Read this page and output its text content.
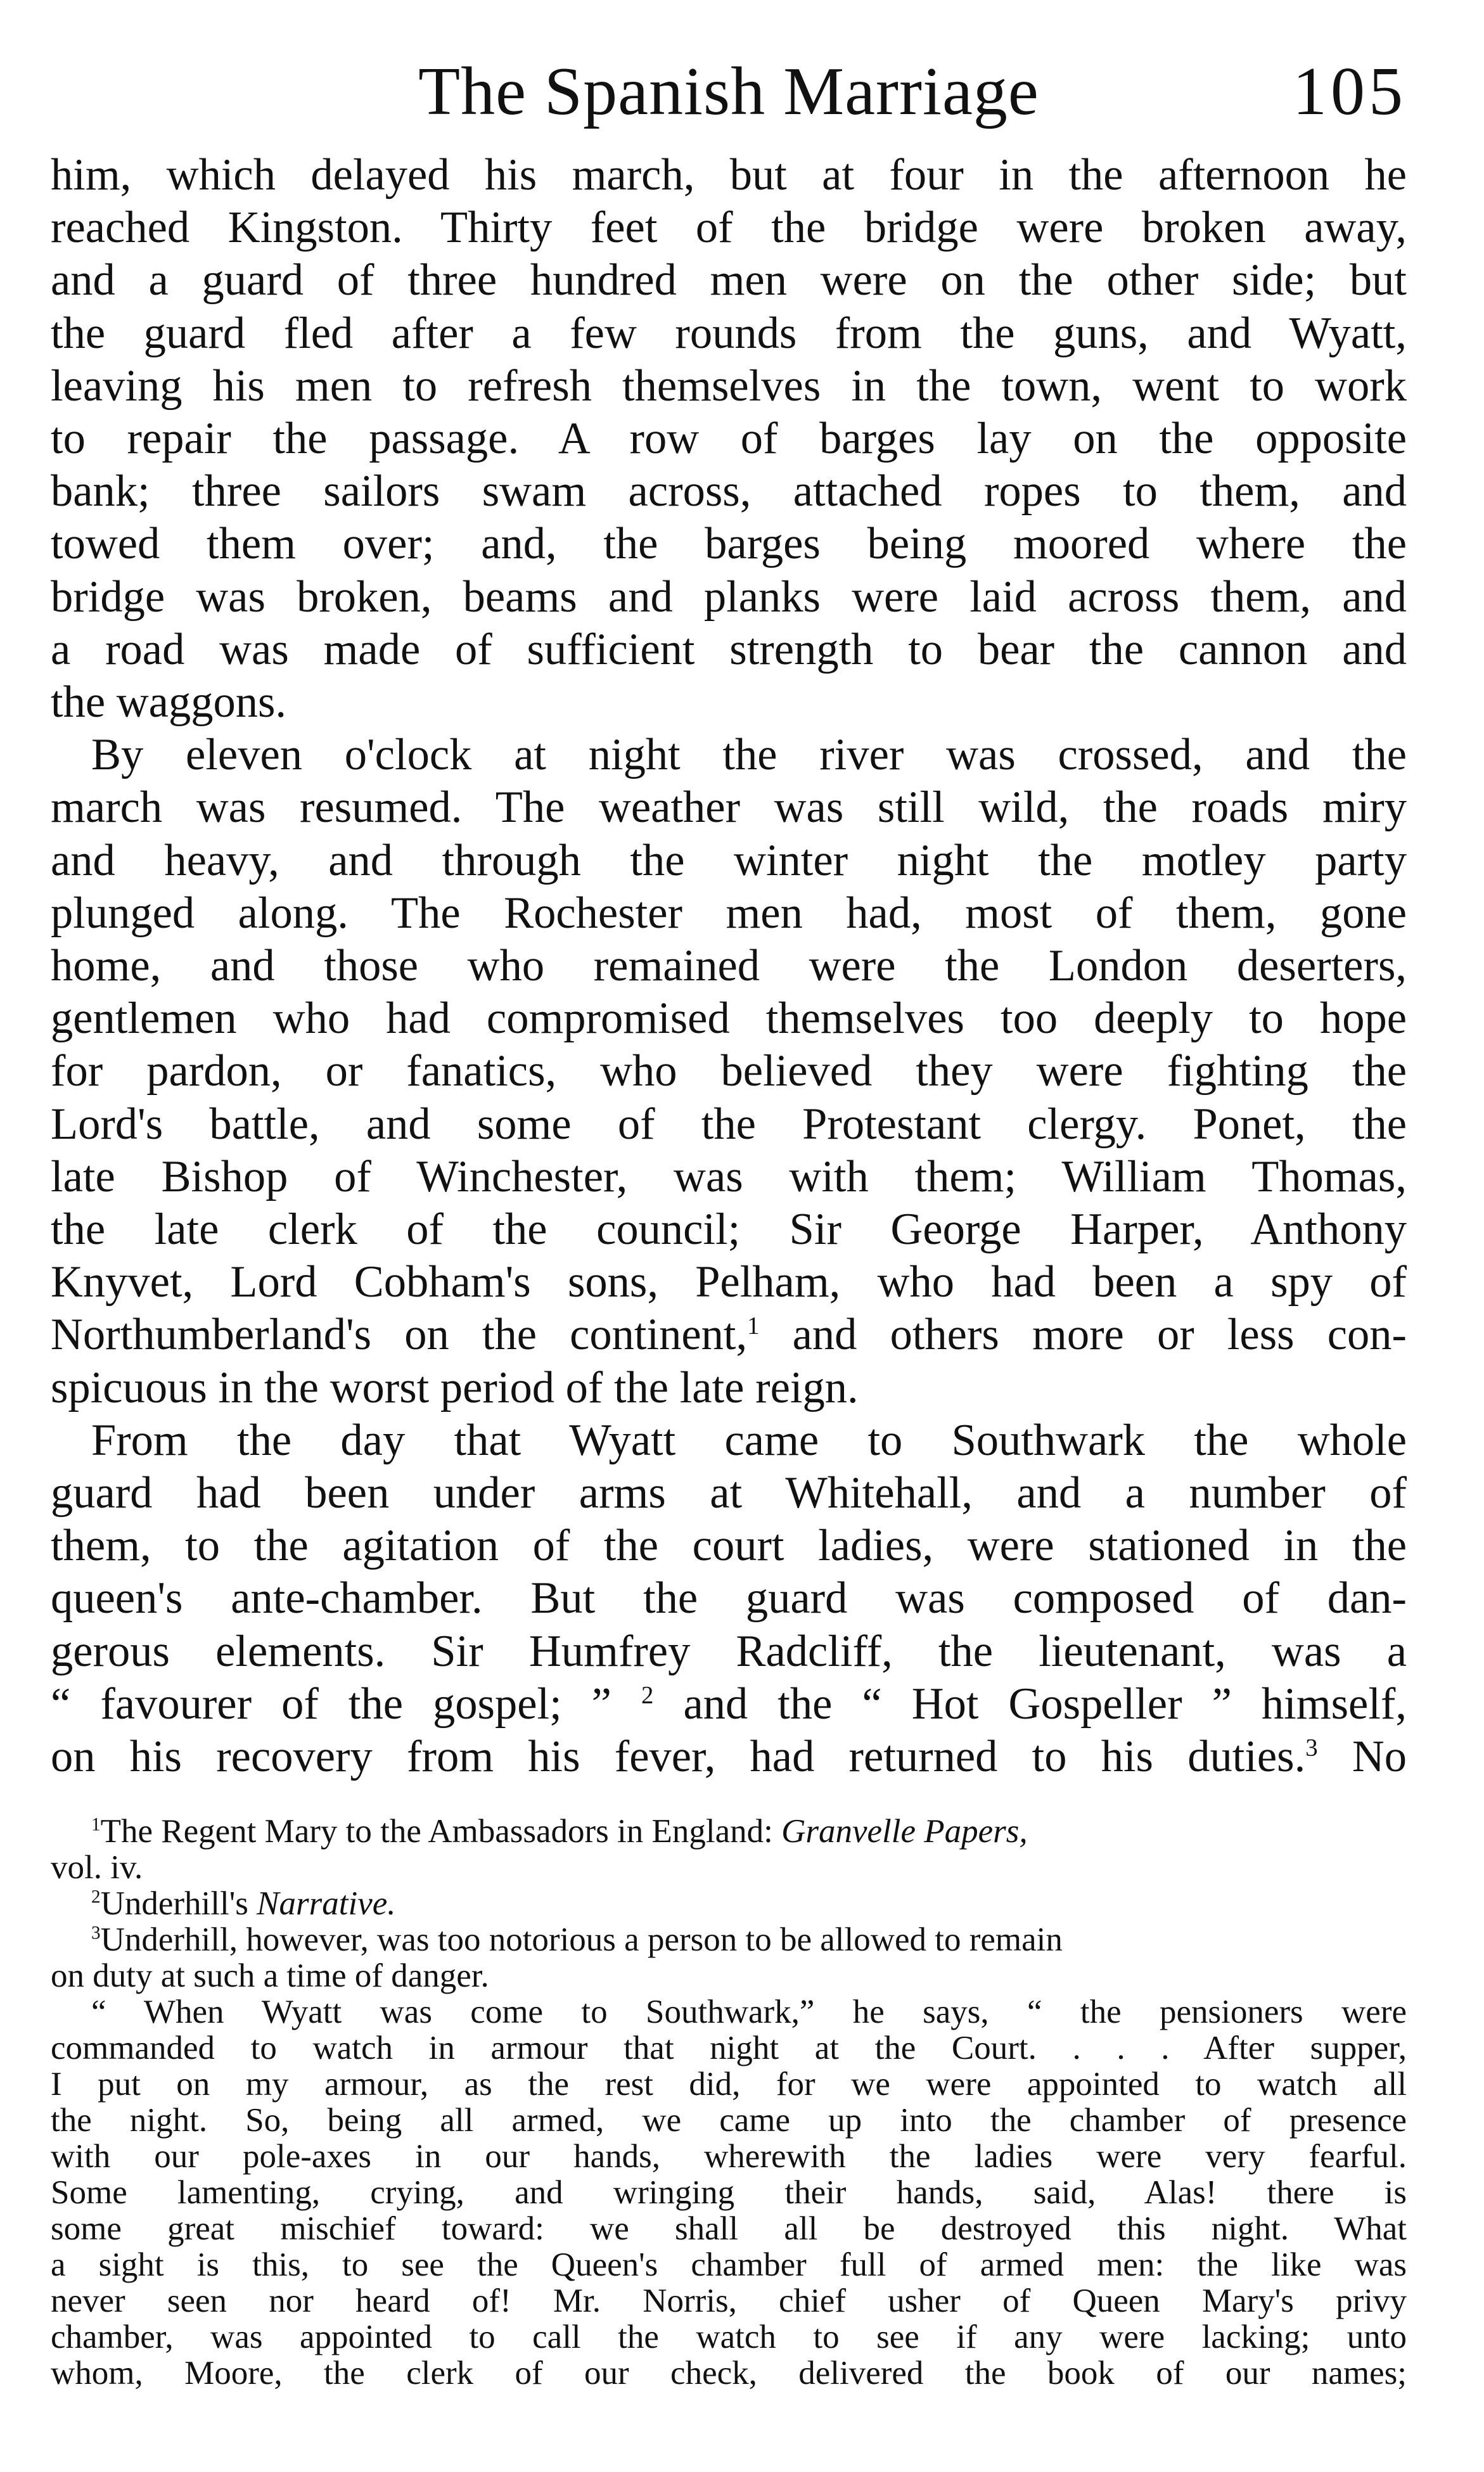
The Spanish Marriage	105

him, which delayed his march, but at four in the afternoon he
reached Kingston. Thirty feet of the bridge were broken away,
and a guard of three hundred men were on the other side; but
the guard fled after a few rounds from the guns, and Wyatt,
leaving his men to refresh themselves in the town, went to work
to repair the passage. A row of barges lay on the opposite
bank; three sailors swam across, attached ropes to them, and
towed them over; and, the barges being moored where the
bridge was broken, beams and planks were laid across them, and
a road was made of sufficient strength to bear the cannon and
the waggons.

By eleven o'clock at night the river was crossed, and the
march was resumed. The weather was still wild, the roads miry
and heavy, and through the winter night the motley party
plunged along. The Rochester men had, most of them, gone
home, and those who remained were the London deserters,
gentlemen who had compromised themselves too deeply to hope
for pardon, or fanatics, who believed they were fighting the
Lord's battle, and some of the Protestant clergy. Ponet, the
late Bishop of Winchester, was with them; William Thomas,
the late clerk of the council; Sir George Harper, Anthony
Knyvet, Lord Cobham's sons, Pelham, who had been a spy of
Northumberland's on the continent,$^1$ and others more or less con-
spicuous in the worst period of the late reign.

From the day that Wyatt came to Southwark the whole
guard had been under arms at Whitehall, and a number of
them, to the agitation of the court ladies, were stationed in the
queen's ante-chamber. But the guard was composed of dan-
gerous elements. Sir Humfrey Radcliff, the lieutenant, was a
“ favourer of the gospel; ” $^2$ and the “ Hot Gospeller ” himself,
on his recovery from his fever, had returned to his duties.$^3$ No

$^1$The Regent Mary to the Ambassadors in England: Granvelle Papers,

vol. iv.

$^2$Underhill's Narrative.

$^3$Underhill, however, was too notorious a person to be allowed to remain

on duty at such a time of danger.

“ When Wyatt was come to Southwark,” he says, “ the pensioners were
commanded to watch in armour that night at the Court. . . . After supper,
I put on my armour, as the rest did, for we were appointed to watch all
the night. So, being all armed, we came up into the chamber of presence
with our pole-axes in our hands, wherewith the ladies were very fearful.
Some lamenting, crying, and wringing their hands, said, Alas! there is
some great mischief toward: we shall all be destroyed this night. What
a sight is this, to see the Queen's chamber full of armed men: the like was
never seen nor heard of! Mr. Norris, chief usher of Queen Mary's privy
chamber, was appointed to call the watch to see if any were lacking; unto
whom, Moore, the clerk of our check, delivered the book of our names;
